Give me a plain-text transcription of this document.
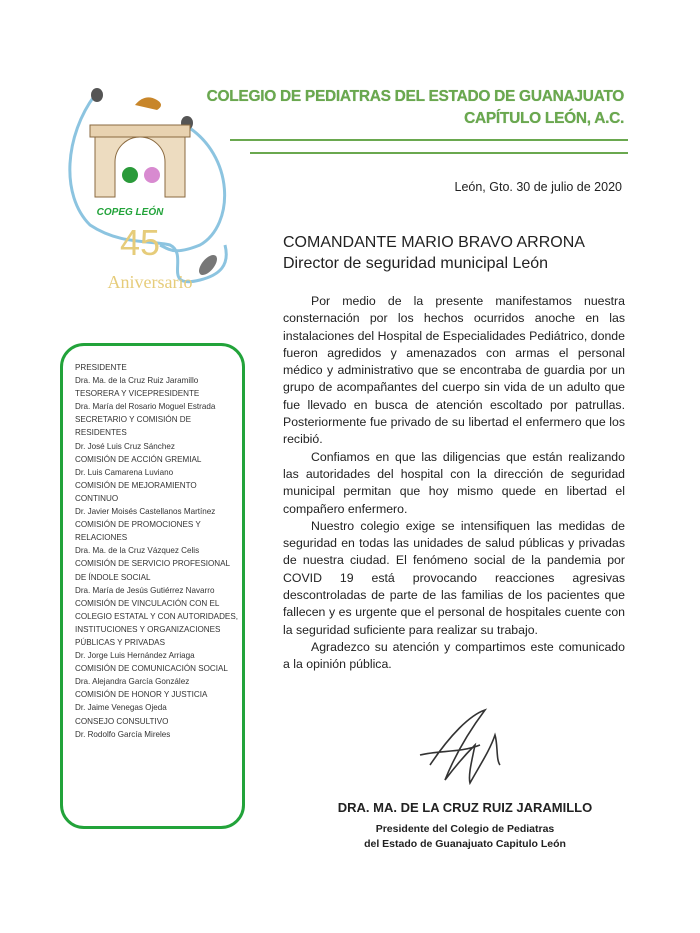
COPEG LEÓN
45
Aniversario
COLEGIO DE PEDIATRAS DEL ESTADO DE GUANAJUATO
CAPÍTULO LEÓN, A.C.
León, Gto. 30 de julio de 2020
COMANDANTE MARIO BRAVO ARRONA
Director de seguridad municipal León

Por medio de la presente manifestamos nuestra consternación por los hechos ocurridos anoche en las instalaciones del Hospital de Especialidades Pediátrico, donde fueron agredidos y amenazados con armas el personal médico y administrativo que se encontraba de guardia por un grupo de acompañantes del cuerpo sin vida de un adulto que fue llevado en busca de atención escoltado por patrullas. Posteriormente fue privado de su libertad el enfermero que los recibió.

Confiamos en que las diligencias que están realizando las autoridades del hospital con la dirección de seguridad municipal permitan que hoy mismo quede en libertad el compañero enfermero.

Nuestro colegio exige se intensifiquen las medidas de seguridad en todas las unidades de salud públicas y privadas de nuestra ciudad. El fenómeno social de la pandemia por COVID 19 está provocando reacciones agresivas descontroladas de parte de las familias de los pacientes que fallecen y es urgente que el personal de hospitales cuente con la seguridad suficiente para realizar su trabajo.

Agradezco su atención y compartimos este comunicado a la opinión pública.

PRESIDENTE
Dra. Ma. de la Cruz Ruiz Jaramillo
TESORERA Y VICEPRESIDENTE
Dra. María del Rosario Moguel Estrada
SECRETARIO Y COMISIÓN DE RESIDENTES
Dr. José Luis Cruz Sánchez
COMISIÓN DE ACCIÓN GREMIAL
Dr. Luis Camarena Luviano
COMISIÓN DE MEJORAMIENTO CONTINUO
Dr. Javier Moisés Castellanos Martínez
COMISIÓN DE PROMOCIONES Y RELACIONES
Dra. Ma. de la Cruz Vázquez Celis
COMISIÓN DE SERVICIO PROFESIONAL DE ÍNDOLE SOCIAL
Dra. María de Jesús Gutiérrez Navarro
COMISIÓN DE VINCULACIÓN CON EL COLEGIO ESTATAL Y CON AUTORIDADES, INSTITUCIONES Y ORGANIZACIONES PÚBLICAS Y PRIVADAS
Dr. Jorge Luis Hernández Arriaga
COMISIÓN DE COMUNICACIÓN SOCIAL
Dra. Alejandra García González
COMISIÓN DE HONOR Y JUSTICIA
Dr. Jaime Venegas Ojeda
CONSEJO CONSULTIVO
Dr. Rodolfo García Mireles
DRA. MA. DE LA CRUZ RUIZ JARAMILLO
Presidente del Colegio de Pediatras
del Estado de Guanajuato Capitulo León
